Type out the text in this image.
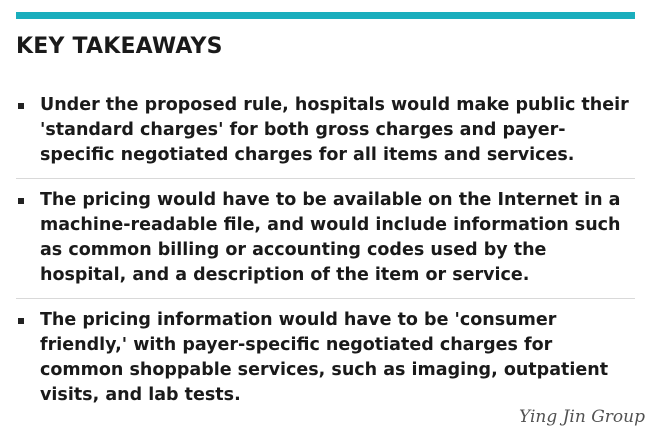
KEY TAKEAWAYS
Under the proposed rule, hospitals would make public their 'standard charges' for both gross charges and payer-specific negotiated charges for all items and services.
The pricing would have to be available on the Internet in a machine-readable file, and would include information such as common billing or accounting codes used by the hospital, and a description of the item or service.
The pricing information would have to be 'consumer friendly,' with payer-specific negotiated charges for common shoppable services, such as imaging, outpatient visits, and lab tests.
Ying Jin Group
